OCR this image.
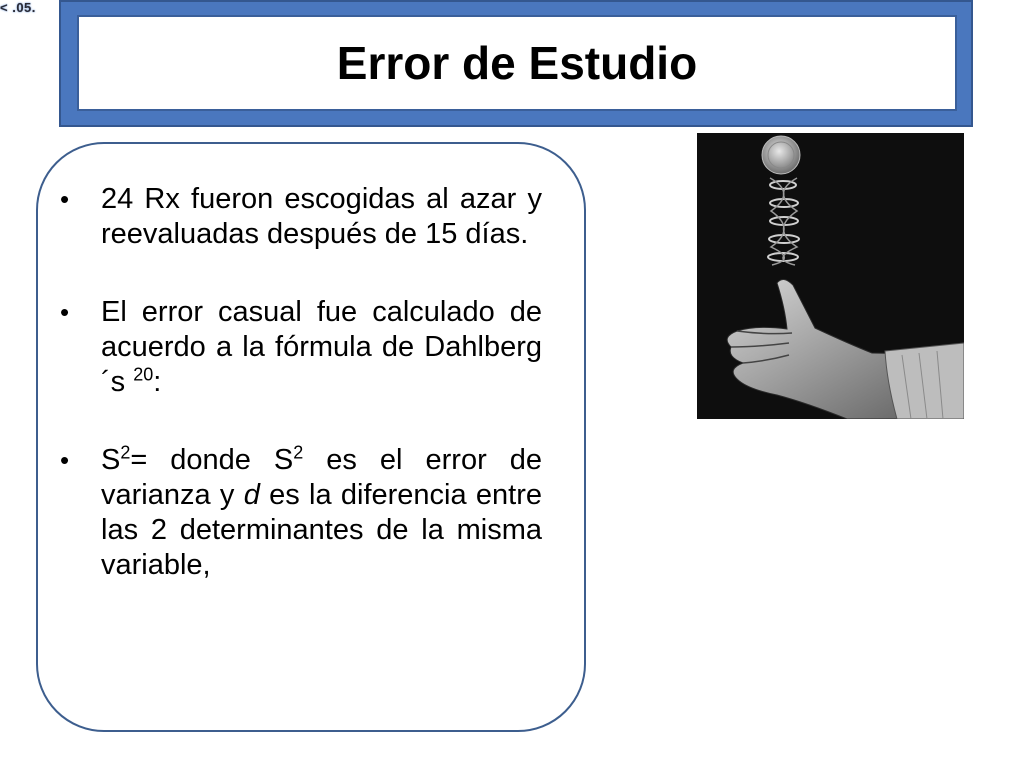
< .05.
Error de Estudio
• 24 Rx fueron escogidas al azar y reevaluadas después de 15 días.
• El error casual fue calculado de acuerdo a la fórmula de Dahlberg´s $^{20}$:
• $S^2=$ donde $S^2$ es el error de varianza y d es la diferencia entre las 2 determinantes de la misma variable,
